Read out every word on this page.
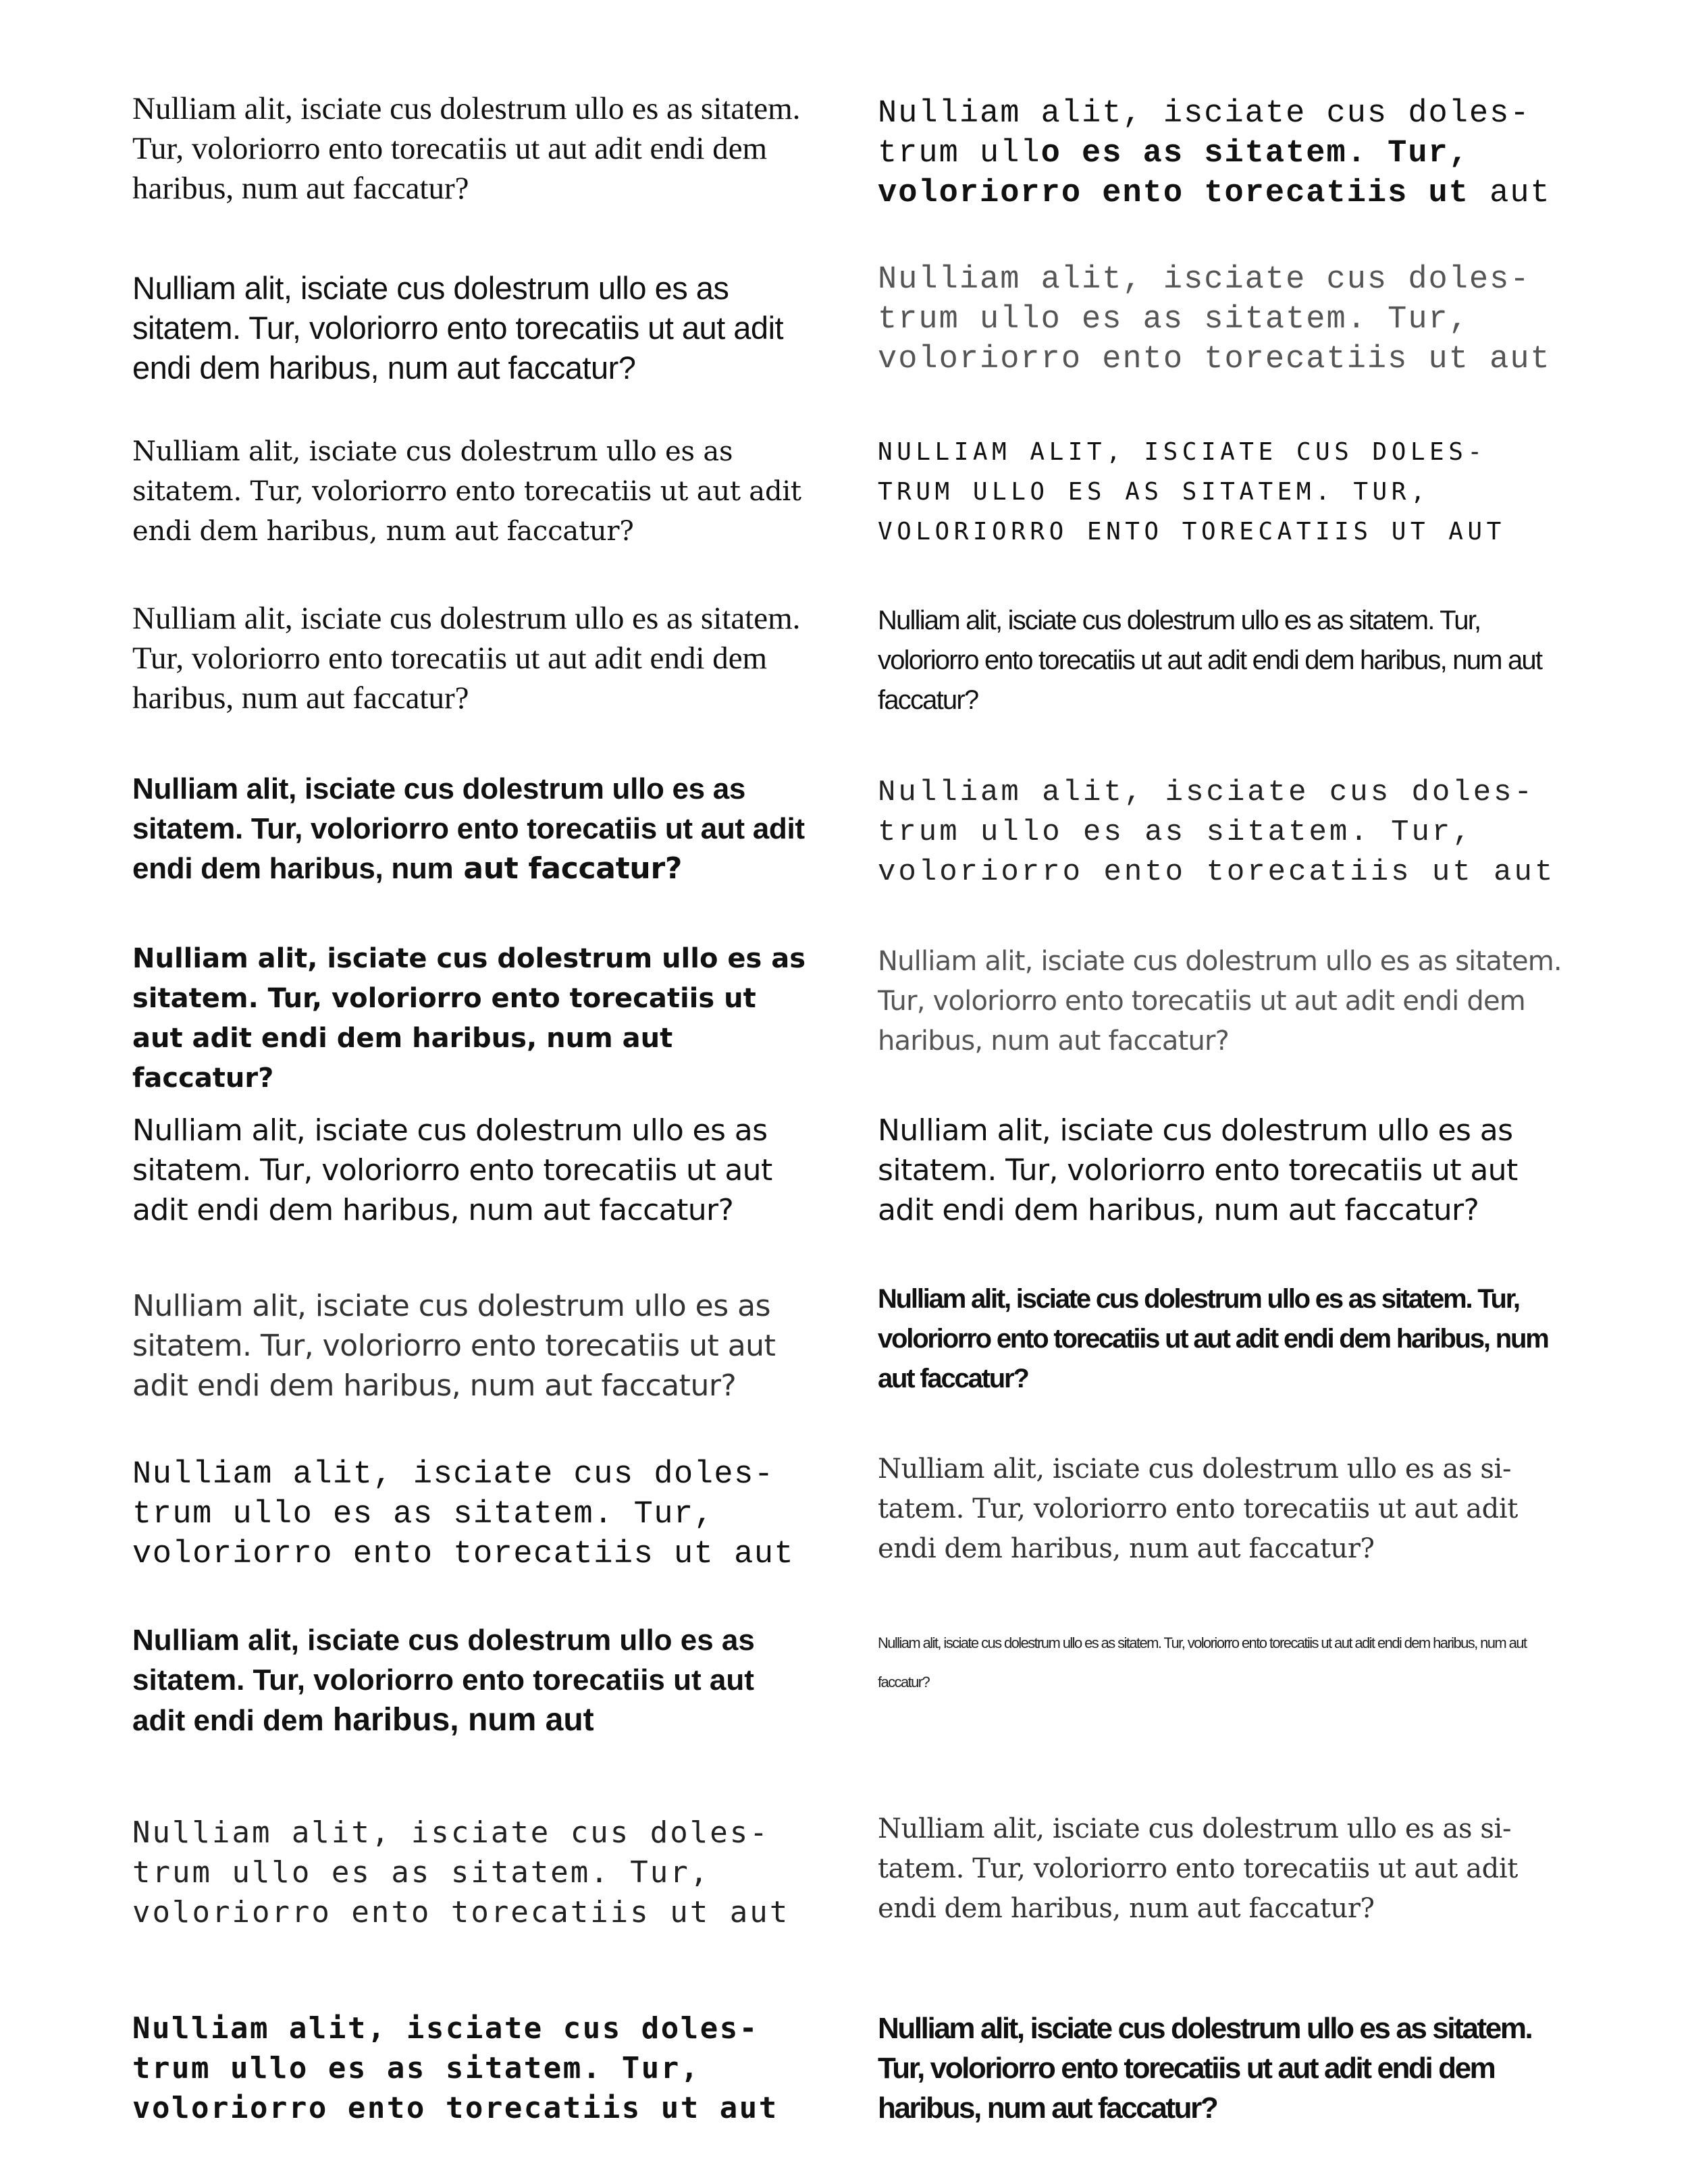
Nulliam alit, isciate cus dolestrum ullo es as sitatem. Tur, voloriorro ento torecatiis ut aut adit endi dem haribus, num aut faccatur?

Nulliam alit, isciate cus dolestrum ullo es as sitatem. Tur, voloriorro ento torecatiis ut aut adit endi dem haribus, num aut faccatur?

Nulliam alit, isciate cus dolestrum ullo es as sitatem. Tur, voloriorro ento torecatiis ut aut adit endi dem haribus, num aut faccatur?

Nulliam alit, isciate cus dolestrum ullo es as sitatem. Tur, voloriorro ento torecatiis ut aut adit endi dem haribus, num aut faccatur?

Nulliam alit, isciate cus dolestrum ullo es as sitatem. Tur, voloriorro ento torecatiis ut aut adit endi dem haribus, num aut faccatur?

Nulliam alit, isciate cus dolestrum ullo es as sitatem. Tur, voloriorro ento torecatiis ut aut adit endi dem haribus, num aut faccatur?

Nulliam alit, isciate cus dolestrum ullo es as sitatem. Tur, voloriorro ento torecatiis ut aut adit endi dem haribus, num aut faccatur?

Nulliam alit, isciate cus dolestrum ullo es as sitatem. Tur, voloriorro ento torecatiis ut aut adit endi dem haribus, num aut faccatur?

Nulliam alit, isciate cus doles- trum ullo es as sitatem. Tur, voloriorro ento torecatiis ut aut

Nulliam alit, isciate cus dolestrum ullo es as sitatem. Tur, voloriorro ento torecatiis ut aut adit endi dem haribus, num aut

Nulliam alit, isciate cus doles- trum ullo es as sitatem. Tur, voloriorro ento torecatiis ut aut

Nulliam alit, isciate cus doles- trum ullo es as sitatem. Tur, voloriorro ento torecatiis ut aut

Nulliam alit, isciate cus doles- trum ullo es as sitatem. Tur, voloriorro ento torecatiis ut aut

Nulliam alit, isciate cus doles- trum ullo es as sitatem. Tur, voloriorro ento torecatiis ut aut

NULLIAM ALIT, ISCIATE CUS DOLES- TRUM ULLO ES AS SITATEM. TUR, VOLORIORRO ENTO TORECATIIS UT AUT

Nulliam alit, isciate cus dolestrum ullo es as sitatem. Tur, voloriorro ento torecatiis ut aut adit endi dem haribus, num aut faccatur?

Nulliam alit, isciate cus doles- trum ullo es as sitatem. Tur, voloriorro ento torecatiis ut aut

Nulliam alit, isciate cus dolestrum ullo es as sitatem. Tur, voloriorro ento torecatiis ut aut adit endi dem haribus, num aut faccatur?

Nulliam alit, isciate cus dolestrum ullo es as sitatem. Tur, voloriorro ento torecatiis ut aut adit endi dem haribus, num aut faccatur?

Nulliam alit, isciate cus dolestrum ullo es as sitatem. Tur, voloriorro ento torecatiis ut aut adit endi dem haribus, num aut faccatur?

Nulliam alit, isciate cus dolestrum ullo es as si- tatem. Tur, voloriorro ento torecatiis ut aut adit endi dem haribus, num aut faccatur?

Nulliam alit, isciate cus dolestrum ullo es as sitatem. Tur, voloriorro ento torecatiis ut aut adit endi dem haribus, num aut faccatur?

Nulliam alit, isciate cus dolestrum ullo es as si- tatem. Tur, voloriorro ento torecatiis ut aut adit endi dem haribus, num aut faccatur?

Nulliam alit, isciate cus dolestrum ullo es as sitatem. Tur, voloriorro ento torecatiis ut aut adit endi dem haribus, num aut faccatur?
